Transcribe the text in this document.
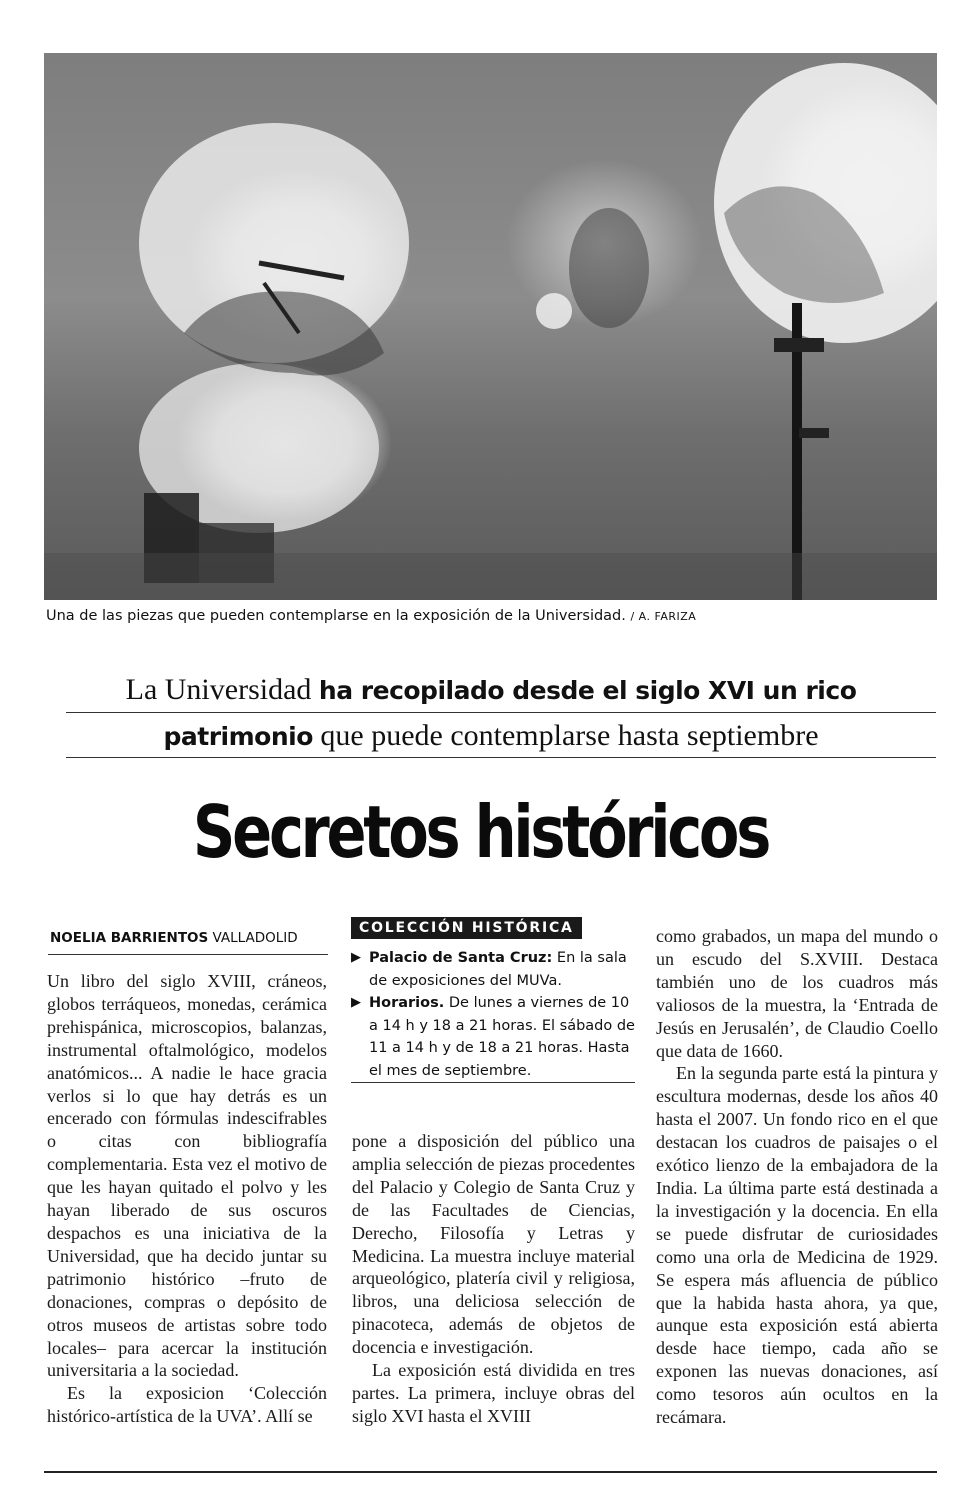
Una de las piezas que pueden contemplarse en la exposición de la Universidad. / A. FARIZA
La Universidad ha recopilado desde el siglo XVI un rico
patrimonio que puede contemplarse hasta septiembre
Secretos históricos
NOELIA BARRIENTOS VALLADOLID

Un libro del siglo XVIII, cráneos, globos terráqueos, monedas, cerámica prehispánica, microscopios, balanzas, instrumental oftalmológico, modelos anatómicos... A nadie le hace gracia verlos si lo que hay detrás es un encerado con fórmulas indescifrables o citas con bibliografía complementaria. Esta vez el motivo de que les hayan quitado el polvo y les hayan liberado de sus oscuros despachos es una iniciativa de la Universidad, que ha decido juntar su patrimonio histórico –fruto de donaciones, compras o depósito de otros museos de artistas sobre todo locales– para acercar la institución universitaria a la sociedad.

Es la exposicion ‘Colección histórico-artística de la UVA’. Allí se

COLECCIÓN HISTÓRICA
▶ Palacio de Santa Cruz: En la sala de exposiciones del MUVa.
▶ Horarios. De lunes a viernes de 10 a 14 h y 18 a 21 horas. El sábado de 11 a 14 h y de 18 a 21 horas. Hasta el mes de septiembre.

pone a disposición del público una amplia selección de piezas procedentes del Palacio y Colegio de Santa Cruz y de las Facultades de Ciencias, Derecho, Filosofía y Letras y Medicina. La muestra incluye material arqueológico, platería civil y religiosa, libros, una deliciosa selección de pinacoteca, además de objetos de docencia e investigación.

La exposición está dividida en tres partes. La primera, incluye obras del siglo XVI hasta el XVIII

como grabados, un mapa del mundo o un escudo del S.XVIII. Destaca también uno de los cuadros más valiosos de la muestra, la ‘Entrada de Jesús en Jerusalén’, de Claudio Coello que data de 1660.

En la segunda parte está la pintura y escultura modernas, desde los años 40 hasta el 2007. Un fondo rico en el que destacan los cuadros de paisajes o el exótico lienzo de la embajadora de la India. La última parte está destinada a la investigación y la docencia. En ella se puede disfrutar de curiosidades como una orla de Medicina de 1929. Se espera más afluencia de público que la habida hasta ahora, ya que, aunque esta exposición está abierta desde hace tiempo, cada año se exponen las nuevas donaciones, así como tesoros aún ocultos en la recámara.
